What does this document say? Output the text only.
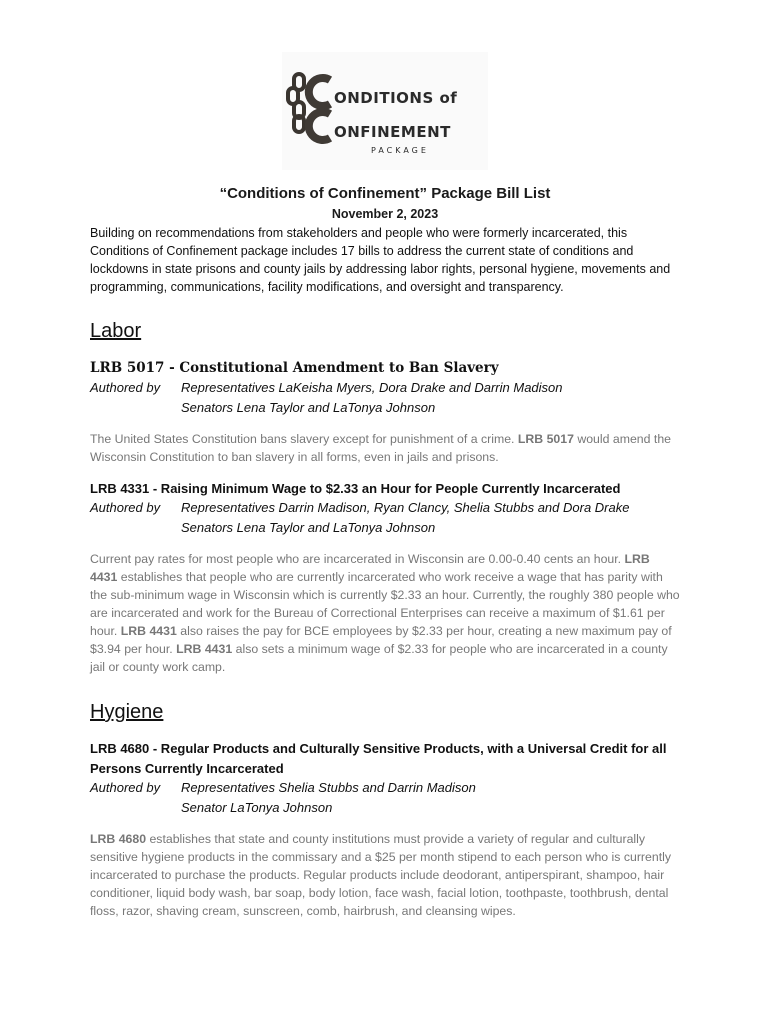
ONDITIONS of
ONFINEMENT
PACKAGE
“Conditions of Confinement” Package Bill List
November 2, 2023
Building on recommendations from stakeholders and people who were formerly incarcerated, this Conditions of Confinement package includes 17 bills to address the current state of conditions and lockdowns in state prisons and county jails by addressing labor rights, personal hygiene, movements and programming, communications, facility modifications, and oversight and transparency.
Labor
LRB 5017 - Constitutional Amendment to Ban Slavery
Authored by Representatives LaKeisha Myers, Dora Drake and Darrin Madison
Senators Lena Taylor and LaTonya Johnson
The United States Constitution bans slavery except for punishment of a crime. LRB 5017 would amend the Wisconsin Constitution to ban slavery in all forms, even in jails and prisons.
LRB 4331 - Raising Minimum Wage to $2.33 an Hour for People Currently Incarcerated
Authored by Representatives Darrin Madison, Ryan Clancy, Shelia Stubbs and Dora Drake
Senators Lena Taylor and LaTonya Johnson
Current pay rates for most people who are incarcerated in Wisconsin are 0.00-0.40 cents an hour. LRB 4431 establishes that people who are currently incarcerated who work receive a wage that has parity with the sub-minimum wage in Wisconsin which is currently $2.33 an hour. Currently, the roughly 380 people who are incarcerated and work for the Bureau of Correctional Enterprises can receive a maximum of $1.61 per hour. LRB 4431 also raises the pay for BCE employees by $2.33 per hour, creating a new maximum pay of $3.94 per hour. LRB 4431 also sets a minimum wage of $2.33 for people who are incarcerated in a county jail or county work camp.
Hygiene
LRB 4680 - Regular Products and Culturally Sensitive Products, with a Universal Credit for all Persons Currently Incarcerated
Authored by Representatives Shelia Stubbs and Darrin Madison
Senator LaTonya Johnson
LRB 4680 establishes that state and county institutions must provide a variety of regular and culturally sensitive hygiene products in the commissary and a $25 per month stipend to each person who is currently incarcerated to purchase the products. Regular products include deodorant, antiperspirant, shampoo, hair conditioner, liquid body wash, bar soap, body lotion, face wash, facial lotion, toothpaste, toothbrush, dental floss, razor, shaving cream, sunscreen, comb, hairbrush, and cleansing wipes.
